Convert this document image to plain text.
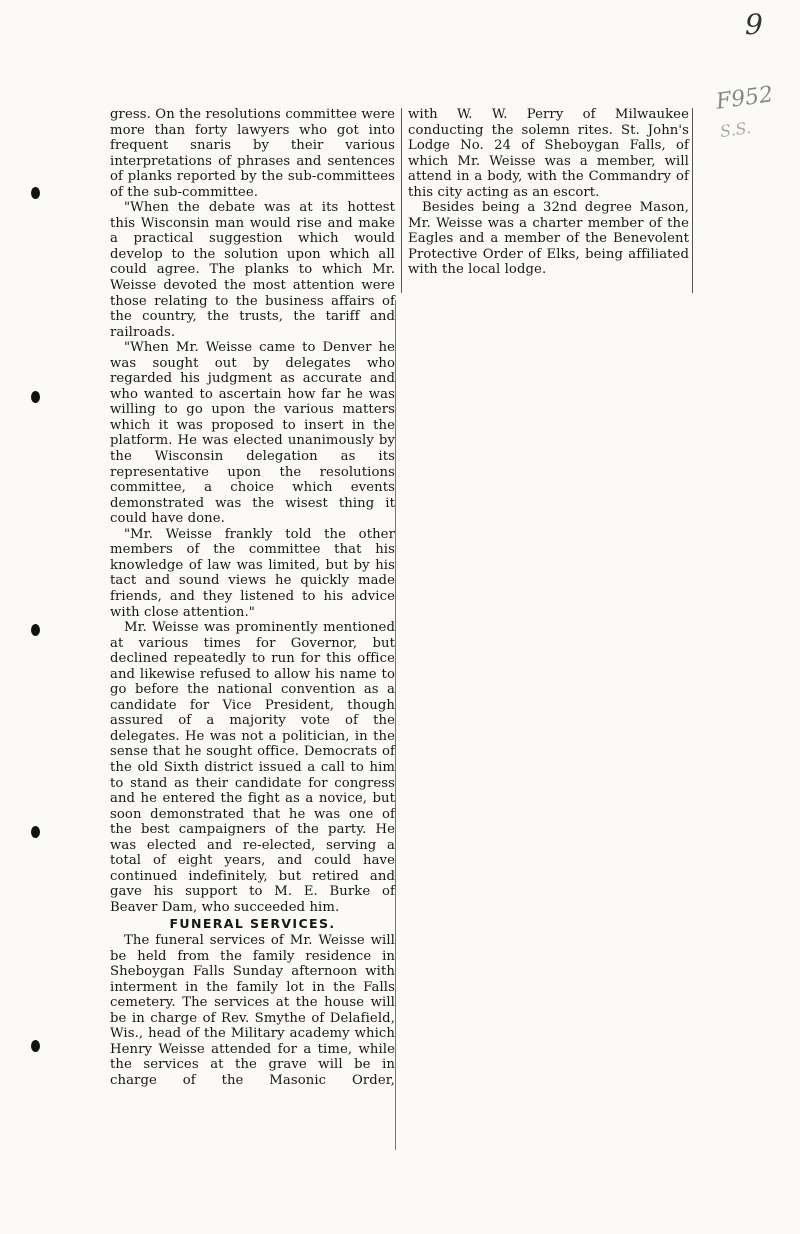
9
F952
S.S.

gress. On the resolutions committee were more than forty lawyers who got into frequent snaris by their various interpretations of phrases and sentences of planks reported by the sub-committees of the sub-committee.

"When the debate was at its hottest this Wisconsin man would rise and make a practical suggestion which would develop to the solution upon which all could agree. The planks to which Mr. Weisse devoted the most attention were those relating to the business affairs of the country, the trusts, the tariff and railroads.

"When Mr. Weisse came to Denver he was sought out by delegates who regarded his judgment as accurate and who wanted to ascertain how far he was willing to go upon the various matters which it was proposed to insert in the platform. He was elected unanimously by the Wisconsin delegation as its representative upon the resolutions committee, a choice which events demonstrated was the wisest thing it could have done.

"Mr. Weisse frankly told the other members of the committee that his knowledge of law was limited, but by his tact and sound views he quickly made friends, and they listened to his advice with close attention."

Mr. Weisse was prominently mentioned at various times for Governor, but declined repeatedly to run for this office and likewise refused to allow his name to go before the national convention as a candidate for Vice President, though assured of a majority vote of the delegates. He was not a politician, in the sense that he sought office. Democrats of the old Sixth district issued a call to him to stand as their candidate for congress and he entered the fight as a novice, but soon demonstrated that he was one of the best campaigners of the party. He was elected and re-elected, serving a total of eight years, and could have continued indefinitely, but retired and gave his support to M. E. Burke of Beaver Dam, who succeeded him.

FUNERAL SERVICES.

The funeral services of Mr. Weisse will be held from the family residence in Sheboygan Falls Sunday afternoon with interment in the family lot in the Falls cemetery. The services at the house will be in charge of Rev. Smythe of Delafield, Wis., head of the Military academy which Henry Weisse attended for a time, while the services at the grave will be in charge of the Masonic Order,

with W. W. Perry of Milwaukee conducting the solemn rites. St. John's Lodge No. 24 of Sheboygan Falls, of which Mr. Weisse was a member, will attend in a body, with the Commandry of this city acting as an escort.

Besides being a 32nd degree Mason, Mr. Weisse was a charter member of the Eagles and a member of the Benevolent Protective Order of Elks, being affiliated with the local lodge.
